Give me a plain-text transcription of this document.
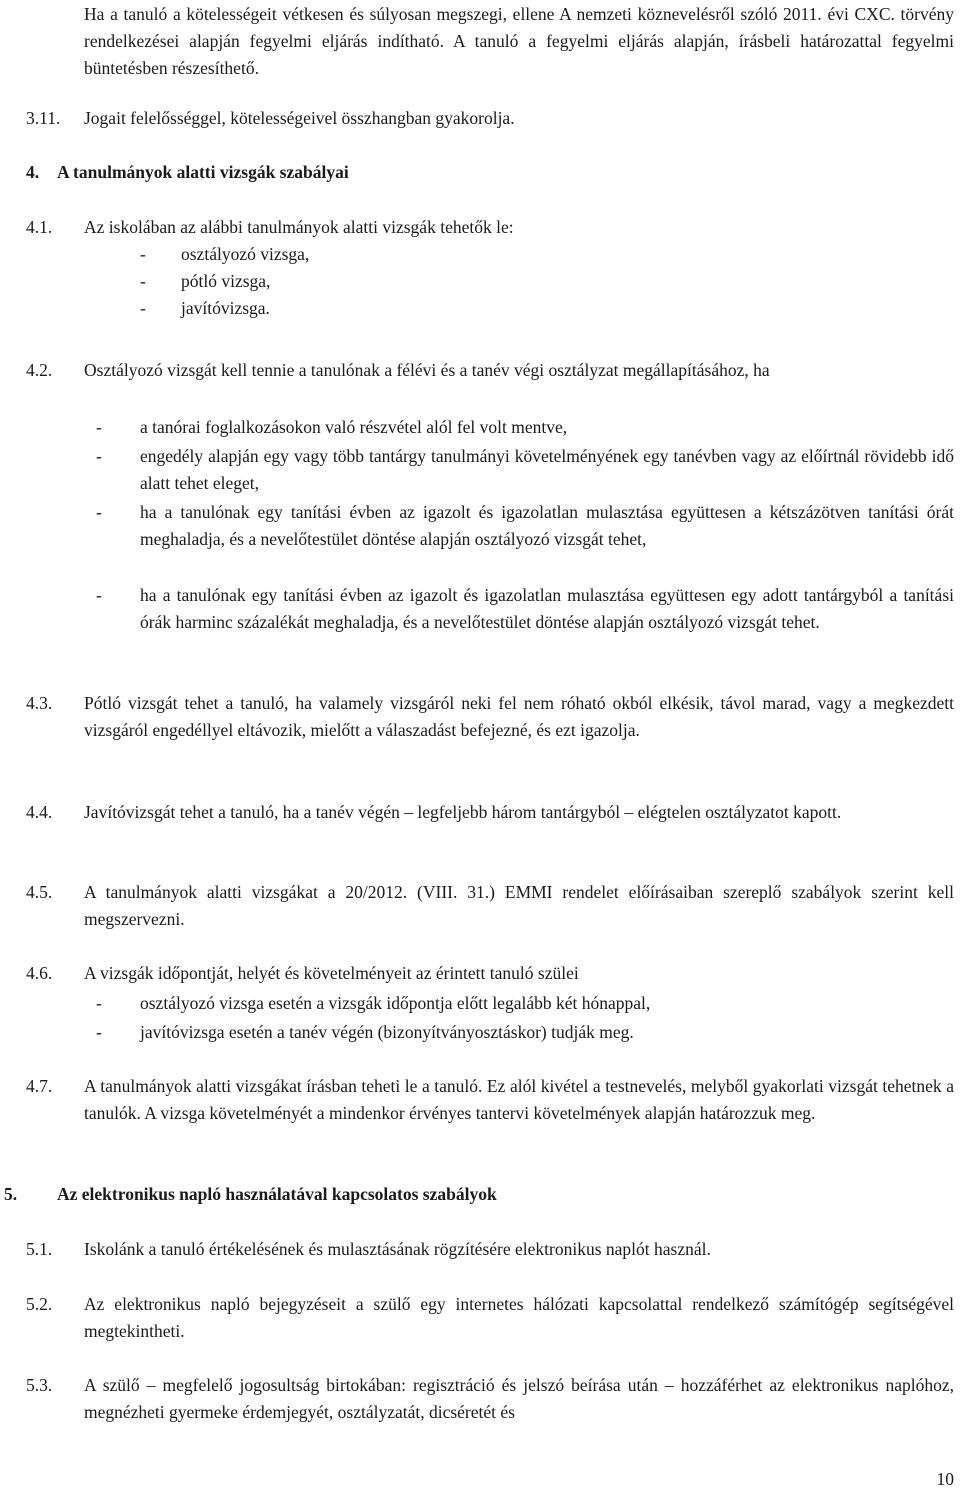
Ha a tanuló a kötelességeit vétkesen és súlyosan megszegi, ellene A nemzeti köznevelésről szóló 2011. évi CXC. törvény rendelkezései alapján fegyelmi eljárás indítható. A tanuló a fegyelmi eljárás alapján, írásbeli határozattal fegyelmi büntetésben részesíthető.

3.11. Jogait felelősséggel, kötelességeivel összhangban gyakorolja.
4. A tanulmányok alatti vizsgák szabályai
4.1. Az iskolában az alábbi tanulmányok alatti vizsgák tehetők le:
- osztályozó vizsga,
- pótló vizsga,
- javítóvizsga.
4.2. Osztályozó vizsgát kell tennie a tanulónak a félévi és a tanév végi osztályzat megállapításához, ha

- a tanórai foglalkozásokon való részvétel alól fel volt mentve,

- engedély alapján egy vagy több tantárgy tanulmányi követelményének egy tanévben vagy az előírtnál rövidebb idő alatt tehet eleget,

- ha a tanulónak egy tanítási évben az igazolt és igazolatlan mulasztása együttesen a kétszázötven tanítási órát meghaladja, és a nevelőtestület döntése alapján osztályozó vizsgát tehet,

- ha a tanulónak egy tanítási évben az igazolt és igazolatlan mulasztása együttesen egy adott tantárgyból a tanítási órák harminc százalékát meghaladja, és a nevelőtestület döntése alapján osztályozó vizsgát tehet.

4.3. Pótló vizsgát tehet a tanuló, ha valamely vizsgáról neki fel nem róható okból elkésik, távol marad, vagy a megkezdett vizsgáról engedéllyel eltávozik, mielőtt a válaszadást befejezné, és ezt igazolja.

4.4. Javítóvizsgát tehet a tanuló, ha a tanév végén – legfeljebb három tantárgyból – elégtelen osztályzatot kapott.

4.5. A tanulmányok alatti vizsgákat a 20/2012. (VIII. 31.) EMMI rendelet előírásaiban szereplő szabályok szerint kell megszervezni.

4.6. A vizsgák időpontját, helyét és követelményeit az érintett tanuló szülei
- osztályozó vizsga esetén a vizsgák időpontja előtt legalább két hónappal,
- javítóvizsga esetén a tanév végén (bizonyítványosztáskor) tudják meg.
4.7. A tanulmányok alatti vizsgákat írásban teheti le a tanuló. Ez alól kivétel a testnevelés, melyből gyakorlati vizsgát tehetnek a tanulók. A vizsga követelményét a mindenkor érvényes tantervi követelmények alapján határozzuk meg.

5. Az elektronikus napló használatával kapcsolatos szabályok
5.1. Iskolánk a tanuló értékelésének és mulasztásának rögzítésére elektronikus naplót használ.
5.2. Az elektronikus napló bejegyzéseit a szülő egy internetes hálózati kapcsolattal rendelkező számítógép segítségével megtekintheti.

5.3. A szülő – megfelelő jogosultság birtokában: regisztráció és jelszó beírása után – hozzáférhet az elektronikus naplóhoz, megnézheti gyermeke érdemjegyét, osztályzatát, dicséretét és

10
